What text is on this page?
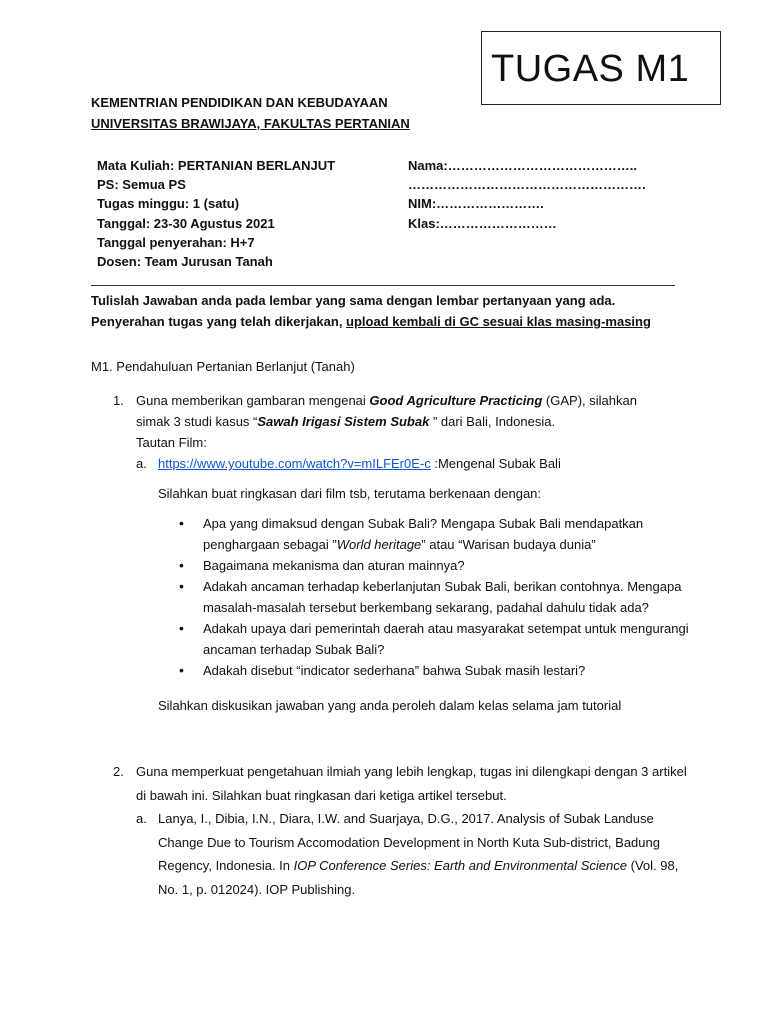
TUGAS M1
KEMENTRIAN PENDIDIKAN DAN KEBUDAYAAN
UNIVERSITAS BRAWIJAYA, FAKULTAS PERTANIAN
Mata Kuliah: PERTANIAN BERLANJUT
PS: Semua PS
Tugas minggu: 1 (satu)
Tanggal: 23-30 Agustus 2021
Tanggal penyerahan: H+7
Dosen: Team Jurusan Tanah
Nama:……………………………………..
……………………………………………….
NIM:…………………….
Klas:………………………
Tulislah Jawaban anda pada lembar yang sama dengan lembar pertanyaan yang ada.
Penyerahan tugas yang telah dikerjakan, upload kembali di GC sesuai klas masing-masing
M1. Pendahuluan Pertanian Berlanjut (Tanah)
1. Guna memberikan gambaran mengenai Good Agriculture Practicing (GAP), silahkan
simak 3 studi kasus “Sawah Irigasi Sistem Subak ” dari Bali, Indonesia.
Tautan Film:
a. https://www.youtube.com/watch?v=mILFEr0E-c :Mengenal Subak Bali
Silahkan buat ringkasan dari film tsb, terutama berkenaan dengan:
• Apa yang dimaksud dengan Subak Bali? Mengapa Subak Bali mendapatkan penghargaan sebagai ”World heritage” atau “Warisan budaya dunia”
• Bagaimana mekanisma dan aturan mainnya?
• Adakah ancaman terhadap keberlanjutan Subak Bali, berikan contohnya. Mengapa masalah-masalah tersebut berkembang sekarang, padahal dahulu tidak ada?
• Adakah upaya dari pemerintah daerah atau masyarakat setempat untuk mengurangi ancaman terhadap Subak Bali?
• Adakah disebut “indicator sederhana” bahwa Subak masih lestari?
Silahkan diskusikan jawaban yang anda peroleh dalam kelas selama jam tutorial
2. Guna memperkuat pengetahuan ilmiah yang lebih lengkap, tugas ini dilengkapi dengan 3 artikel di bawah ini. Silahkan buat ringkasan dari ketiga artikel tersebut.
a. Lanya, I., Dibia, I.N., Diara, I.W. and Suarjaya, D.G., 2017. Analysis of Subak Landuse Change Due to Tourism Accomodation Development in North Kuta Sub-district, Badung Regency, Indonesia. In IOP Conference Series: Earth and Environmental Science (Vol. 98, No. 1, p. 012024). IOP Publishing.
